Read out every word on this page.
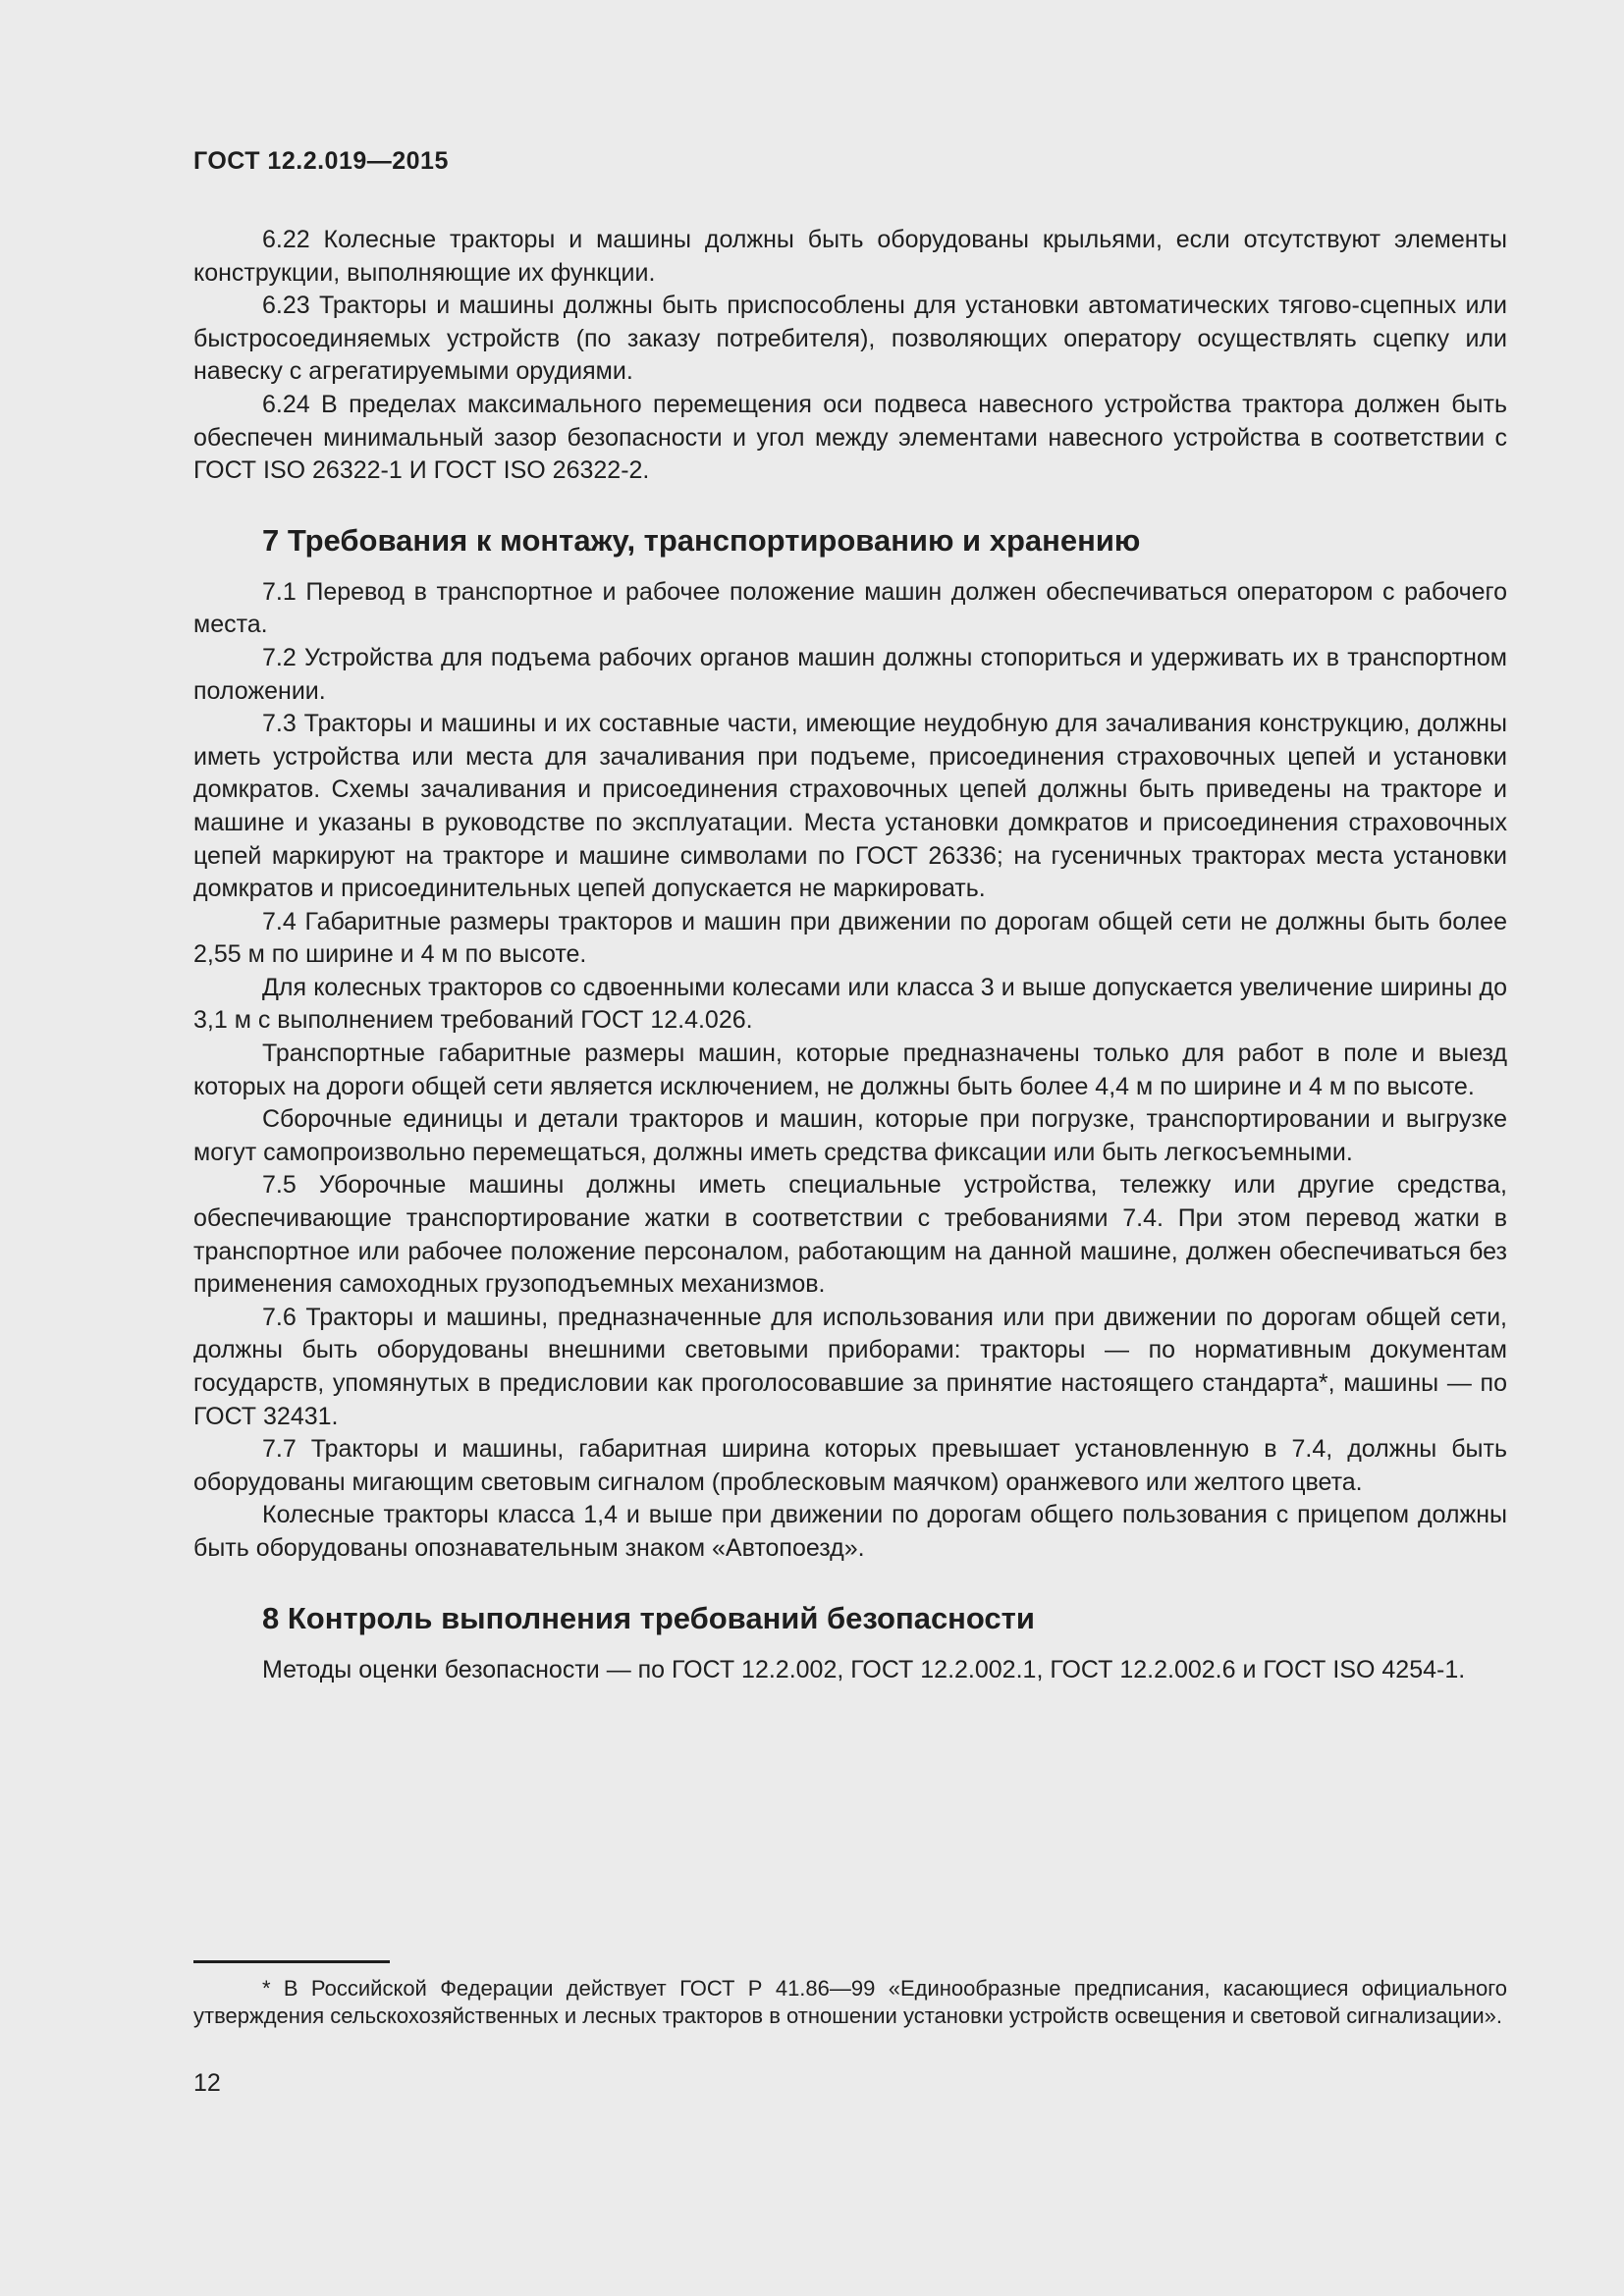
ГОСТ 12.2.019—2015

6.22 Колесные тракторы и машины должны быть оборудованы крыльями, если отсутствуют элементы конструкции, выполняющие их функции.

6.23 Тракторы и машины должны быть приспособлены для установки автоматических тягово-сцепных или быстросоединяемых устройств (по заказу потребителя), позволяющих оператору осуществлять сцепку или навеску с агрегатируемыми орудиями.

6.24 В пределах максимального перемещения оси подвеса навесного устройства трактора должен быть обеспечен минимальный зазор безопасности и угол между элементами навесного устройства в соответствии с ГОСТ ISO 26322-1 И ГОСТ ISO 26322-2.

7 Требования к монтажу, транспортированию и хранению

7.1 Перевод в транспортное и рабочее положение машин должен обеспечиваться оператором с рабочего места.

7.2 Устройства для подъема рабочих органов машин должны стопориться и удерживать их в транспортном положении.

7.3 Тракторы и машины и их составные части, имеющие неудобную для зачаливания конструкцию, должны иметь устройства или места для зачаливания при подъеме, присоединения страховочных цепей и установки домкратов. Схемы зачаливания и присоединения страховочных цепей должны быть приведены на тракторе и машине и указаны в руководстве по эксплуатации. Места установки домкратов и присоединения страховочных цепей маркируют на тракторе и машине символами по ГОСТ 26336; на гусеничных тракторах места установки домкратов и присоединительных цепей допускается не маркировать.

7.4 Габаритные размеры тракторов и машин при движении по дорогам общей сети не должны быть более 2,55 м по ширине и 4 м по высоте.

Для колесных тракторов со сдвоенными колесами или класса 3 и выше допускается увеличение ширины до 3,1 м с выполнением требований ГОСТ 12.4.026.

Транспортные габаритные размеры машин, которые предназначены только для работ в поле и выезд которых на дороги общей сети является исключением, не должны быть более 4,4 м по ширине и 4 м по высоте.

Сборочные единицы и детали тракторов и машин, которые при погрузке, транспортировании и выгрузке могут самопроизвольно перемещаться, должны иметь средства фиксации или быть легкосъемными.

7.5 Уборочные машины должны иметь специальные устройства, тележку или другие средства, обеспечивающие транспортирование жатки в соответствии с требованиями 7.4. При этом перевод жатки в транспортное или рабочее положение персоналом, работающим на данной машине, должен обеспечиваться без применения самоходных грузоподъемных механизмов.

7.6 Тракторы и машины, предназначенные для использования или при движении по дорогам общей сети, должны быть оборудованы внешними световыми приборами: тракторы — по нормативным документам государств, упомянутых в предисловии как проголосовавшие за принятие настоящего стандарта*, машины — по ГОСТ 32431.

7.7 Тракторы и машины, габаритная ширина которых превышает установленную в 7.4, должны быть оборудованы мигающим световым сигналом (проблесковым маячком) оранжевого или желтого цвета.

Колесные тракторы класса 1,4 и выше при движении по дорогам общего пользования с прицепом должны быть оборудованы опознавательным знаком «Автопоезд».

8 Контроль выполнения требований безопасности

Методы оценки безопасности — по ГОСТ 12.2.002, ГОСТ 12.2.002.1, ГОСТ 12.2.002.6 и ГОСТ ISO 4254-1.

* В Российской Федерации действует ГОСТ Р 41.86—99 «Единообразные предписания, касающиеся официального утверждения сельскохозяйственных и лесных тракторов в отношении установки устройств освещения и световой сигнализации».

12
